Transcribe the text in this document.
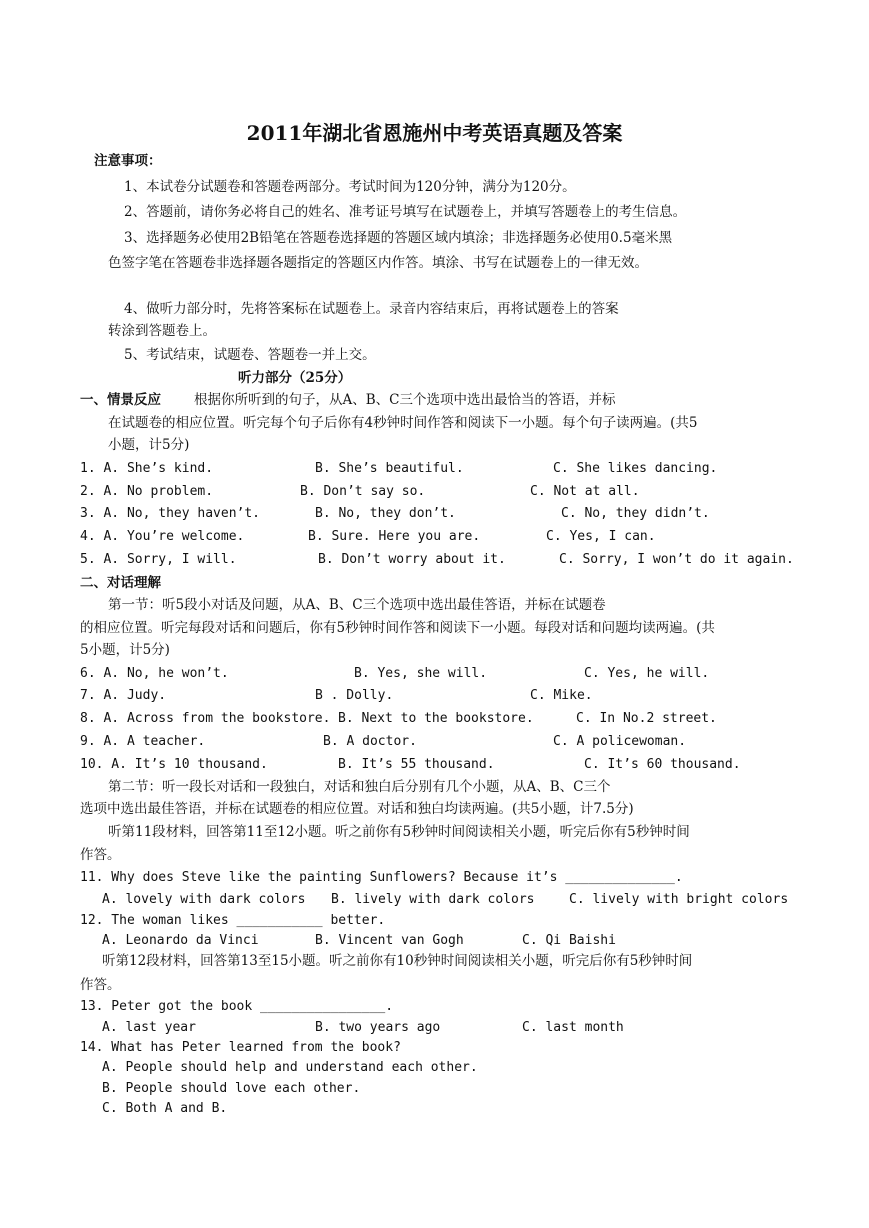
2011年湖北省恩施州中考英语真题及答案
注意事项：
1、本试卷分试题卷和答题卷两部分。考试时间为120分钟，满分为120分。
2、答题前，请你务必将自己的姓名、准考证号填写在试题卷上，并填写答题卷上的考生信息。
3、选择题务必使用2B铅笔在答题卷选择题的答题区域内填涂；非选择题务必使用0.5毫米黑
色签字笔在答题卷非选择题各题指定的答题区内作答。填涂、书写在试题卷上的一律无效。
4、做听力部分时，先将答案标在试题卷上。录音内容结束后，再将试题卷上的答案
转涂到答题卷上。
5、考试结束，试题卷、答题卷一并上交。
听力部分（25分）
一、情景反应 根据你所听到的句子，从A、B、C三个选项中选出最恰当的答语，并标
在试题卷的相应位置。听完每个句子后你有4秒钟时间作答和阅读下一小题。每个句子读两遍。(共5
小题，计5分)
1. A. She’s kind.	B. She’s beautiful.	C. She likes dancing.
2. A. No problem.	B. Don’t say so.	C. Not at all.
3. A. No, they haven’t.	B. No, they don’t.	C. No, they didn’t.
4. A. You’re welcome.	B. Sure. Here you are.	C. Yes, I can.
5. A. Sorry, I will.	B. Don’t worry about it.	C. Sorry, I won’t do it again.
二、对话理解
第一节：听5段小对话及问题，从A、B、C三个选项中选出最佳答语，并标在试题卷
的相应位置。听完每段对话和问题后，你有5秒钟时间作答和阅读下一小题。每段对话和问题均读两遍。(共
5小题，计5分)
6. A. No, he won’t.	B. Yes, she will.	C. Yes, he will.
7. A. Judy.	B . Dolly.	C. Mike.
8. A. Across from the bookstore. B. Next to the bookstore.	C. In No.2 street.
9. A. A teacher.	B. A doctor.	C. A policewoman.
10. A. It’s 10 thousand.	B. It’s 55 thousand.	C. It’s 60 thousand.
第二节：听一段长对话和一段独白，对话和独白后分别有几个小题，从A、B、C三个
选项中选出最佳答语，并标在试题卷的相应位置。对话和独白均读两遍。(共5小题，计7.5分)
听第11段材料，回答第11至12小题。听之前你有5秒钟时间阅读相关小题，听完后你有5秒钟时间
作答。
11. Why does Steve like the painting Sunflowers? Because it’s ______________.
A. lovely with dark colors B. lively with dark colors	C. lively with bright colors
12. The woman likes ___________ better.
A. Leonardo da Vinci	B. Vincent van Gogh	C. Qi Baishi
听第12段材料，回答第13至15小题。听之前你有10秒钟时间阅读相关小题，听完后你有5秒钟时间
作答。
13. Peter got the book ________________.
A. last year	B. two years ago	C. last month
14. What has Peter learned from the book?
A. People should help and understand each other.
B. People should love each other.
C. Both A and B.
